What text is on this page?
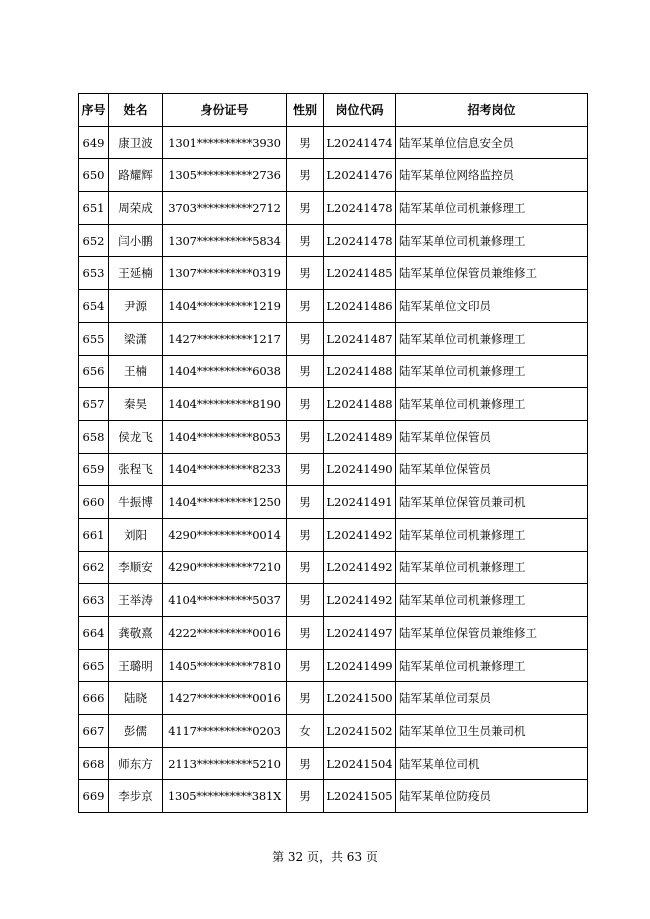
序号	姓名	身份证号	性别	岗位代码	招考岗位
649	康卫波	1301**********3930	男	L20241474	陆军某单位信息安全员
650	路耀辉	1305**********2736	男	L20241476	陆军某单位网络监控员
651	周荣成	3703**********2712	男	L20241478	陆军某单位司机兼修理工
652	闫小鹏	1307**********5834	男	L20241478	陆军某单位司机兼修理工
653	王延楠	1307**********0319	男	L20241485	陆军某单位保管员兼维修工
654	尹源	1404**********1219	男	L20241486	陆军某单位文印员
655	梁潇	1427**********1217	男	L20241487	陆军某单位司机兼修理工
656	王楠	1404**********6038	男	L20241488	陆军某单位司机兼修理工
657	秦昊	1404**********8190	男	L20241488	陆军某单位司机兼修理工
658	侯龙飞	1404**********8053	男	L20241489	陆军某单位保管员
659	张程飞	1404**********8233	男	L20241490	陆军某单位保管员
660	牛振博	1404**********1250	男	L20241491	陆军某单位保管员兼司机
661	刘阳	4290**********0014	男	L20241492	陆军某单位司机兼修理工
662	李顺安	4290**********7210	男	L20241492	陆军某单位司机兼修理工
663	王举涛	4104**********5037	男	L20241492	陆军某单位司机兼修理工
664	龚敬熹	4222**********0016	男	L20241497	陆军某单位保管员兼维修工
665	王璐明	1405**********7810	男	L20241499	陆军某单位司机兼修理工
666	陆晓	1427**********0016	男	L20241500	陆军某单位司泵员
667	彭儒	4117**********0203	女	L20241502	陆军某单位卫生员兼司机
668	师东方	2113**********5210	男	L20241504	陆军某单位司机
669	李步京	1305**********381X	男	L20241505	陆军某单位防疫员
第 32 页，共 63 页
